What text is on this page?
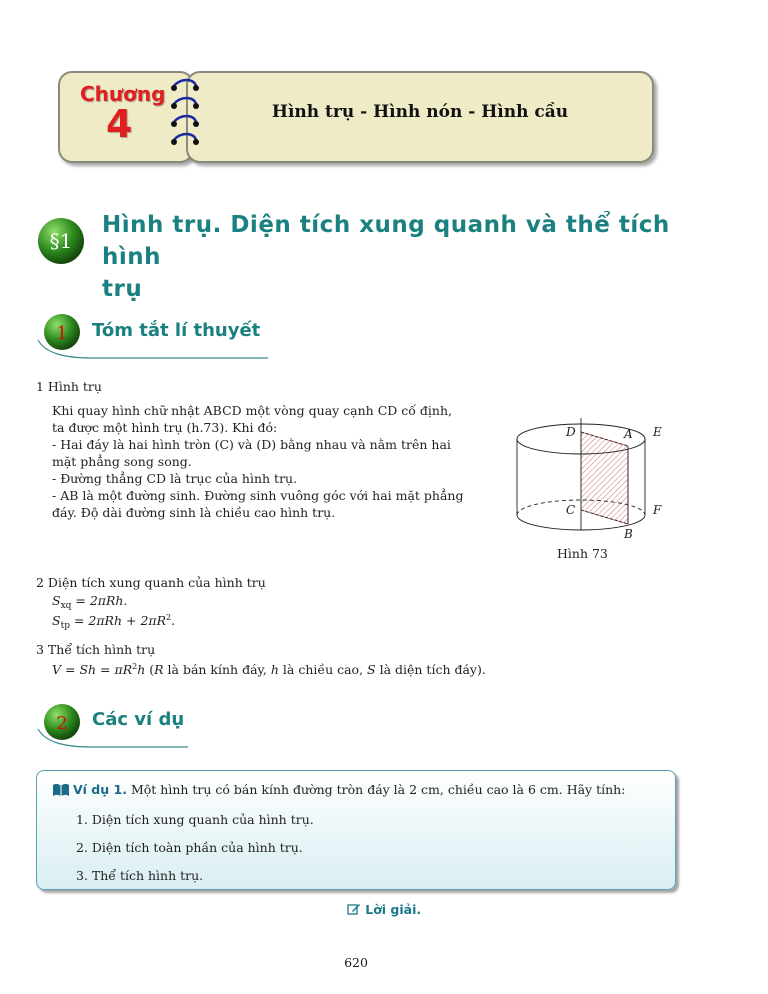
Chương
4	Hình trụ - Hình nón - Hình cầu
§1
Hình trụ. Diện tích xung quanh và thể tích hình
trụ
1 Tóm tắt lí thuyết
1 Hình trụ
Khi quay hình chữ nhật ABCD một vòng quay cạnh CD cố định,
ta được một hình trụ (h.73). Khi đó:
- Hai đáy là hai hình tròn (C) và (D) bằng nhau và nằm trên hai
mặt phẳng song song.
- Đường thẳng CD là trục của hình trụ.
- AB là một đường sinh. Đường sinh vuông góc với hai mặt phẳng
đáy. Độ dài đường sinh là chiều cao hình trụ.
D	A E
C	F
B
Hình 73
2 Diện tích xung quanh của hình trụ
$S_{xq} = 2\pi Rh$.
$S_{tp} = 2\pi Rh + 2\pi R^2$.
3 Thể tích hình trụ
$V = Sh = \pi R^2h$ (R là bán kính đáy, h là chiều cao, S là diện tích đáy).
2 Các ví dụ
Ví dụ 1. Một hình trụ có bán kính đường tròn đáy là 2 cm, chiều cao là 6 cm. Hãy tính:
1. Diện tích xung quanh của hình trụ.
2. Diện tích toàn phần của hình trụ.
3. Thể tích hình trụ.
Lời giải.
620
